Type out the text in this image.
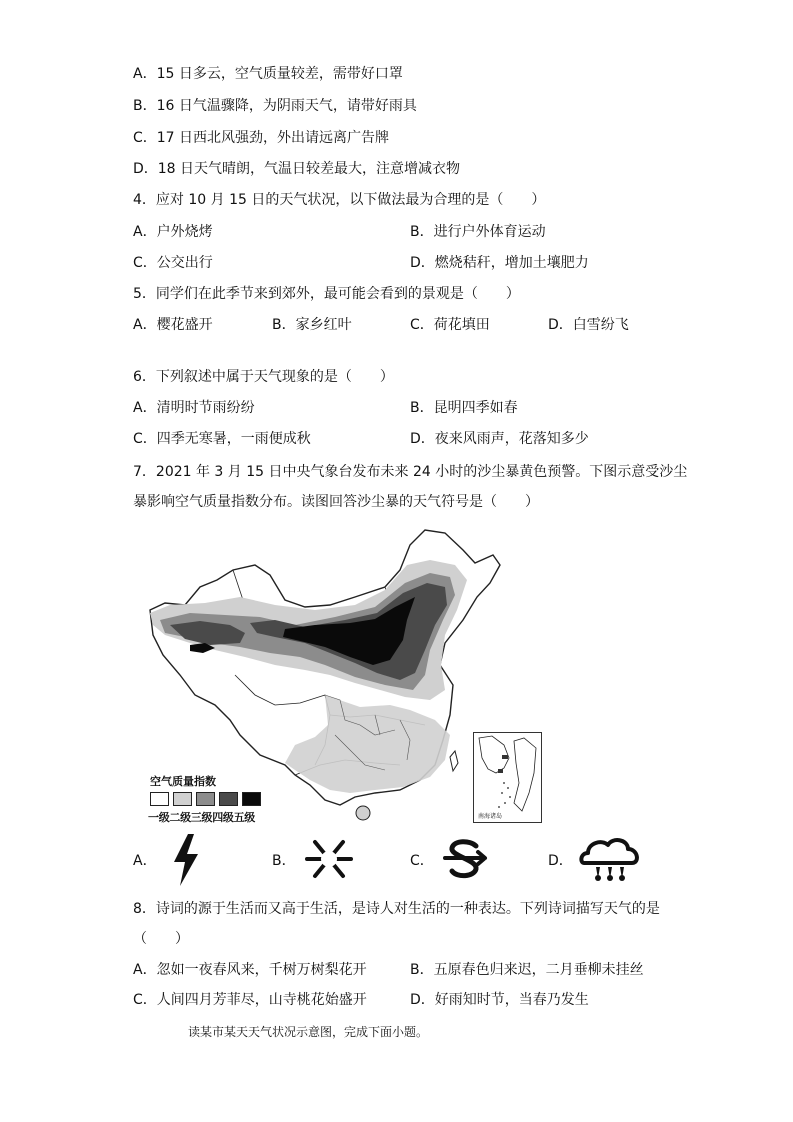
A．15 日多云，空气质量较差，需带好口罩
B．16 日气温骤降，为阴雨天气，请带好雨具
C．17 日西北风强劲，外出请远离广告牌
D．18 日天气晴朗，气温日较差最大，注意增减衣物
4．应对 10 月 15 日的天气状况，以下做法最为合理的是（　　）
A．户外烧烤	B．进行户外体育运动
C．公交出行	D．燃烧秸秆，增加土壤肥力
5．同学们在此季节来到郊外，最可能会看到的景观是（　　）
A．樱花盛开	B．家乡红叶	C．荷花填田	D．白雪纷飞
6．下列叙述中属于天气现象的是（　　）
A．清明时节雨纷纷	B．昆明四季如春
C．四季无寒暑，一雨便成秋	D．夜来风雨声，花落知多少
7．2021 年 3 月 15 日中央气象台发布未来 24 小时的沙尘暴黄色预警。下图示意受沙尘
暴影响空气质量指数分布。读图回答沙尘暴的天气符号是（　　）
南海诸岛
空气质量指数
一级二级三级四级五级
A．	B．	C．	D．
8．诗词的源于生活而又高于生活，是诗人对生活的一种表达。下列诗词描写天气的是
（　　）
A．忽如一夜春风来，千树万树梨花开	B．五原春色归来迟，二月垂柳未挂丝
C．人间四月芳菲尽，山寺桃花始盛开	D．好雨知时节，当春乃发生
读某市某天天气状况示意图，完成下面小题。
